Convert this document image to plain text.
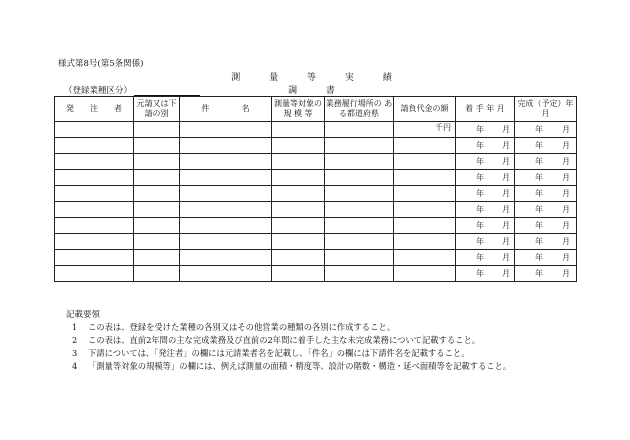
様式第8号(第5条関係)
測 量 等 実 績 調 書
（登録業種区分）
発　　注　　者	元請又は下請の別	件　　　　名	測量等対象の 規 模 等	業務履行場所の ある都道府県	請負代金の額	着 手 年 月	完成（予定）年　　　月
					千円	年 月	年 月

						年 月	年 月

						年 月	年 月

						年 月	年 月

						年 月	年 月

						年 月	年 月

						年 月	年 月

						年 月	年 月

						年 月	年 月

						年 月	年 月
記載要領
1 この表は、登録を受けた業種の各別又はその他営業の種類の各別に作成すること。
2 この表は、直前2年間の主な完成業務及び直前の2年間に着手した主な未完成業務について記載すること。
3 下請については、「発注者」の欄には元請業者名を記載し、「件名」の欄には下請件名を記載すること。
4 「測量等対象の規模等」の欄には、例えば測量の面積・精度等、設計の階数・構造・延べ面積等を記載すること。
